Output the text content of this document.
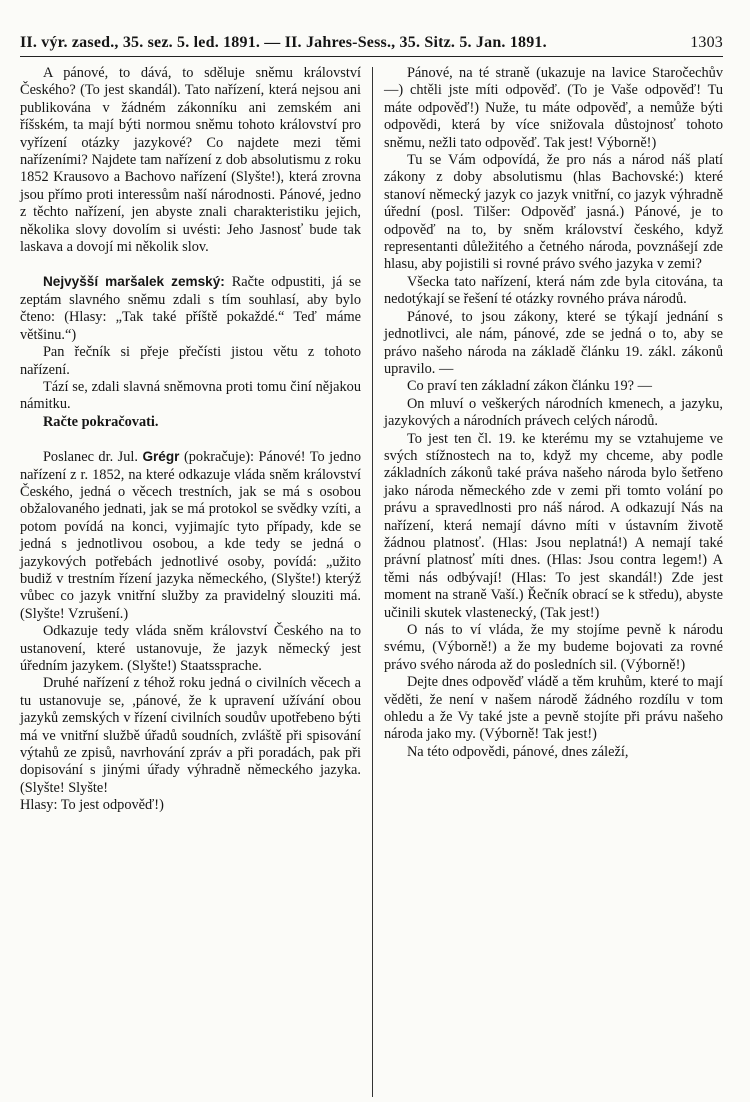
II. výr. zased., 35. sez. 5. led. 1891. — II. Jahres-Sess., 35. Sitz. 5. Jan. 1891.	1303

A pánové, to dává, to sděluje sněmu království Českého? (To jest skandál). Tato nařízení, která nejsou ani publikována v žádném zákonníku ani zemském ani říšském, ta mají býti normou sněmu tohoto království pro vyřízení otázky jazykové? Co najdete mezi těmi nařízeními? Najdete tam nařízení z dob absolutismu z roku 1852 Krausovo a Bachovo nařízení (Slyšte!), která zrovna jsou přímo proti interessům naší národnosti. Pánové, jedno z těchto nařízení, jen abyste znali charakteristiku jejich, několika slovy dovolím si uvésti: Jeho Jasnosť bude tak laskava a dovojí mi několik slov.

Nejvyšší maršalek zemský: Račte odpustiti, já se zeptám slavného sněmu zdali s tím souhlasí, aby bylo čteno: (Hlasy: „Tak také příště pokaždé.“ Teď máme většinu.“)

Pan řečník si přeje přečísti jistou větu z tohoto nařízení.

Tází se, zdali slavná sněmovna proti tomu činí nějakou námitku.

Račte pokračovati.

Poslanec dr. Jul. Grégr (pokračuje): Pánové! To jedno nařízení z r. 1852, na které odkazuje vláda sněm království Českého, jedná o věcech trestních, jak se má s osobou obžalovaného jednati, jak se má protokol se svědky vzíti, a potom povídá na konci, vyjimajíc tyto případy, kde se jedná s jednotlivou osobou, a kde tedy se jedná o jazykových potřebách jednotlivé osoby, povídá: „užito budiž v trestním řízení jazyka německého, (Slyšte!) kterýž vůbec co jazyk vnitřní služby za pravidelný slouziti má. (Slyšte! Vzrušení.)

Odkazuje tedy vláda sněm království Českého na to ustanovení, které ustanovuje, že jazyk německý jest úředním jazykem. (Slyšte!) Staatssprache.

Druhé nařízení z téhož roku jedná o civilních věcech a tu ustanovuje se, ,pánové, že k upravení užívání obou jazyků zemských v řízení civilních soudův upotřebeno býti má ve vnitřní službě úřadů soudních, zvláště při spisování výtahů ze zpisů, navrhování zpráv a při poradách, pak při dopisování s jinými úřady výhradně německého jazyka. (Slyšte! Slyšte!

Hlasy: To jest odpověď!)

Pánové, na té straně (ukazuje na lavice Staročechův —) chtěli jste míti odpověď. (To je Vaše odpověď! Tu máte odpověď!) Nuže, tu máte odpověď, a nemůže býti odpovědi, která by více snižovala důstojnosť tohoto sněmu, nežli tato odpověď. Tak jest! Výborně!)

Tu se Vám odpovídá, že pro nás a národ náš platí zákony z doby absolutismu (hlas Bachovské:) které stanoví německý jazyk co jazyk vnitřní, co jazyk výhradně úřední (posl. Tilšer: Odpověď jasná.) Pánové, je to odpověď na to, by sněm království českého, když representanti důležitého a četného národa, povznášejí zde hlasu, aby pojistili si rovné právo svého jazyka v zemi?

Všecka tato nařízení, která nám zde byla citována, ta nedotýkají se řešení té otázky rovného práva národů.

Pánové, to jsou zákony, které se týkají jednání s jednotlivci, ale nám, pánové, zde se jedná o to, aby se právo našeho národa na základě článku 19. zákl. zákonů upravilo. —

Co praví ten základní zákon článku 19? —

On mluví o veškerých národních kmenech, a jazyku, jazykových a národních právech celých národů.

To jest ten čl. 19. ke kterému my se vztahujeme ve svých stížnostech na to, když my chceme, aby podle základních zákonů také práva našeho národa bylo šetřeno jako národa německého zde v zemi při tomto volání po právu a spravedlnosti pro náš národ. A odkazují Nás na nařízení, která nemají dávno míti v ústavním životě žádnou platnosť. (Hlas: Jsou neplatná!) A nemají také právní platnosť míti dnes. (Hlas: Jsou contra legem!) A těmi nás odbývají! (Hlas: To jest skandál!) Zde jest moment na straně Vaší.) Řečník obrací se k středu), abyste učinili skutek vlastenecký, (Tak jest!)

O nás to ví vláda, že my stojíme pevně k národu svému, (Výborně!) a že my budeme bojovati za rovné právo svého národa až do posledních sil. (Výborně!)

Dejte dnes odpověď vládě a těm kruhům, které to mají věděti, že není v našem národě žádného rozdílu v tom ohledu a že Vy také jste a pevně stojíte při právu našeho národa jako my. (Výborně! Tak jest!)

Na této odpovědi, pánové, dnes záleží,
